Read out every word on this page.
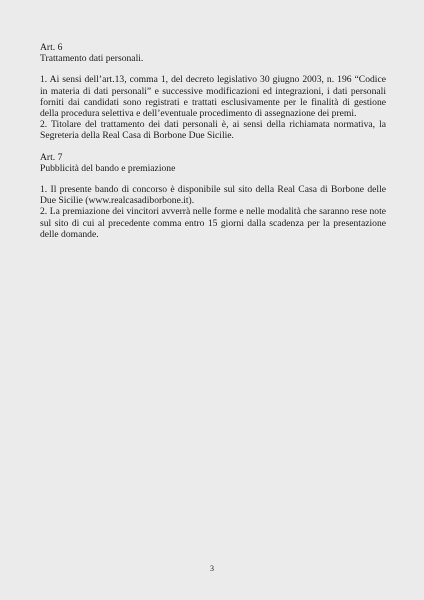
Art. 6

Trattamento dati personali.

1. Ai sensi dell’art.13, comma 1, del decreto legislativo 30 giugno 2003, n. 196 “Codice in materia di dati personali” e successive modificazioni ed integrazioni, i dati personali forniti dai candidati sono registrati e trattati esclusivamente per le finalità di gestione della procedura selettiva e dell’eventuale procedimento di assegnazione dei premi.

2. Titolare del trattamento dei dati personali è, ai sensi della richiamata normativa, la Segreteria della Real Casa di Borbone Due Sicilie.

Art. 7

Pubblicità del bando e premiazione

1. Il presente bando di concorso è disponibile sul sito della Real Casa di Borbone delle Due Sicilie (www.realcasadiborbone.it).

2. La premiazione dei vincitori avverrà nelle forme e nelle modalità che saranno rese note sul sito di cui al precedente comma entro 15 giorni dalla scadenza per la presentazione delle domande.

3
